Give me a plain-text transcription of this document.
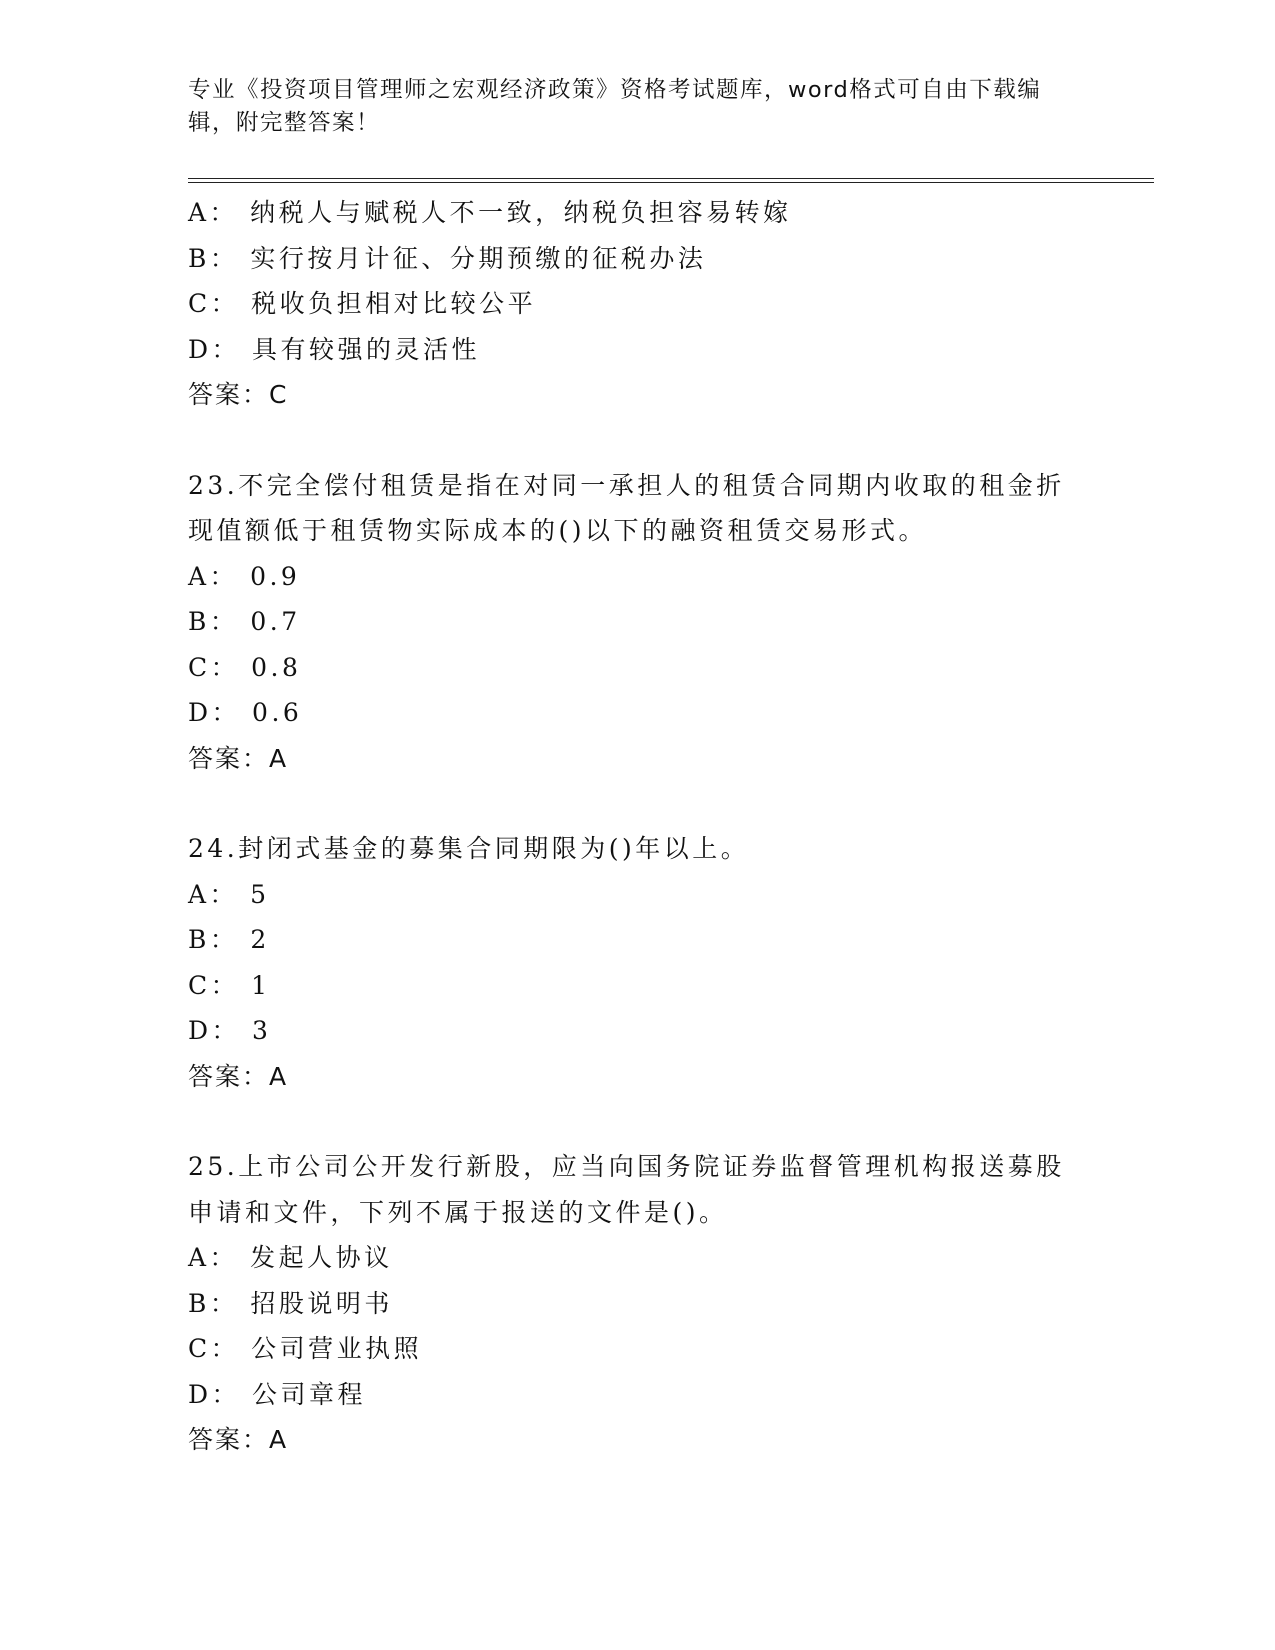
专业《投资项目管理师之宏观经济政策》资格考试题库，word格式可自由下载编辑，附完整答案！
A： 纳税人与赋税人不一致，纳税负担容易转嫁
B： 实行按月计征、分期预缴的征税办法
C： 税收负担相对比较公平
D： 具有较强的灵活性
答案：C
23.不完全偿付租赁是指在对同一承担人的租赁合同期内收取的租金折现值额低于租赁物实际成本的()以下的融资租赁交易形式。
A： 0.9
B： 0.7
C： 0.8
D： 0.6
答案：A
24.封闭式基金的募集合同期限为()年以上。
A： 5
B： 2
C： 1
D： 3
答案：A
25.上市公司公开发行新股，应当向国务院证券监督管理机构报送募股申请和文件，下列不属于报送的文件是()。
A： 发起人协议
B： 招股说明书
C： 公司营业执照
D： 公司章程
答案：A
